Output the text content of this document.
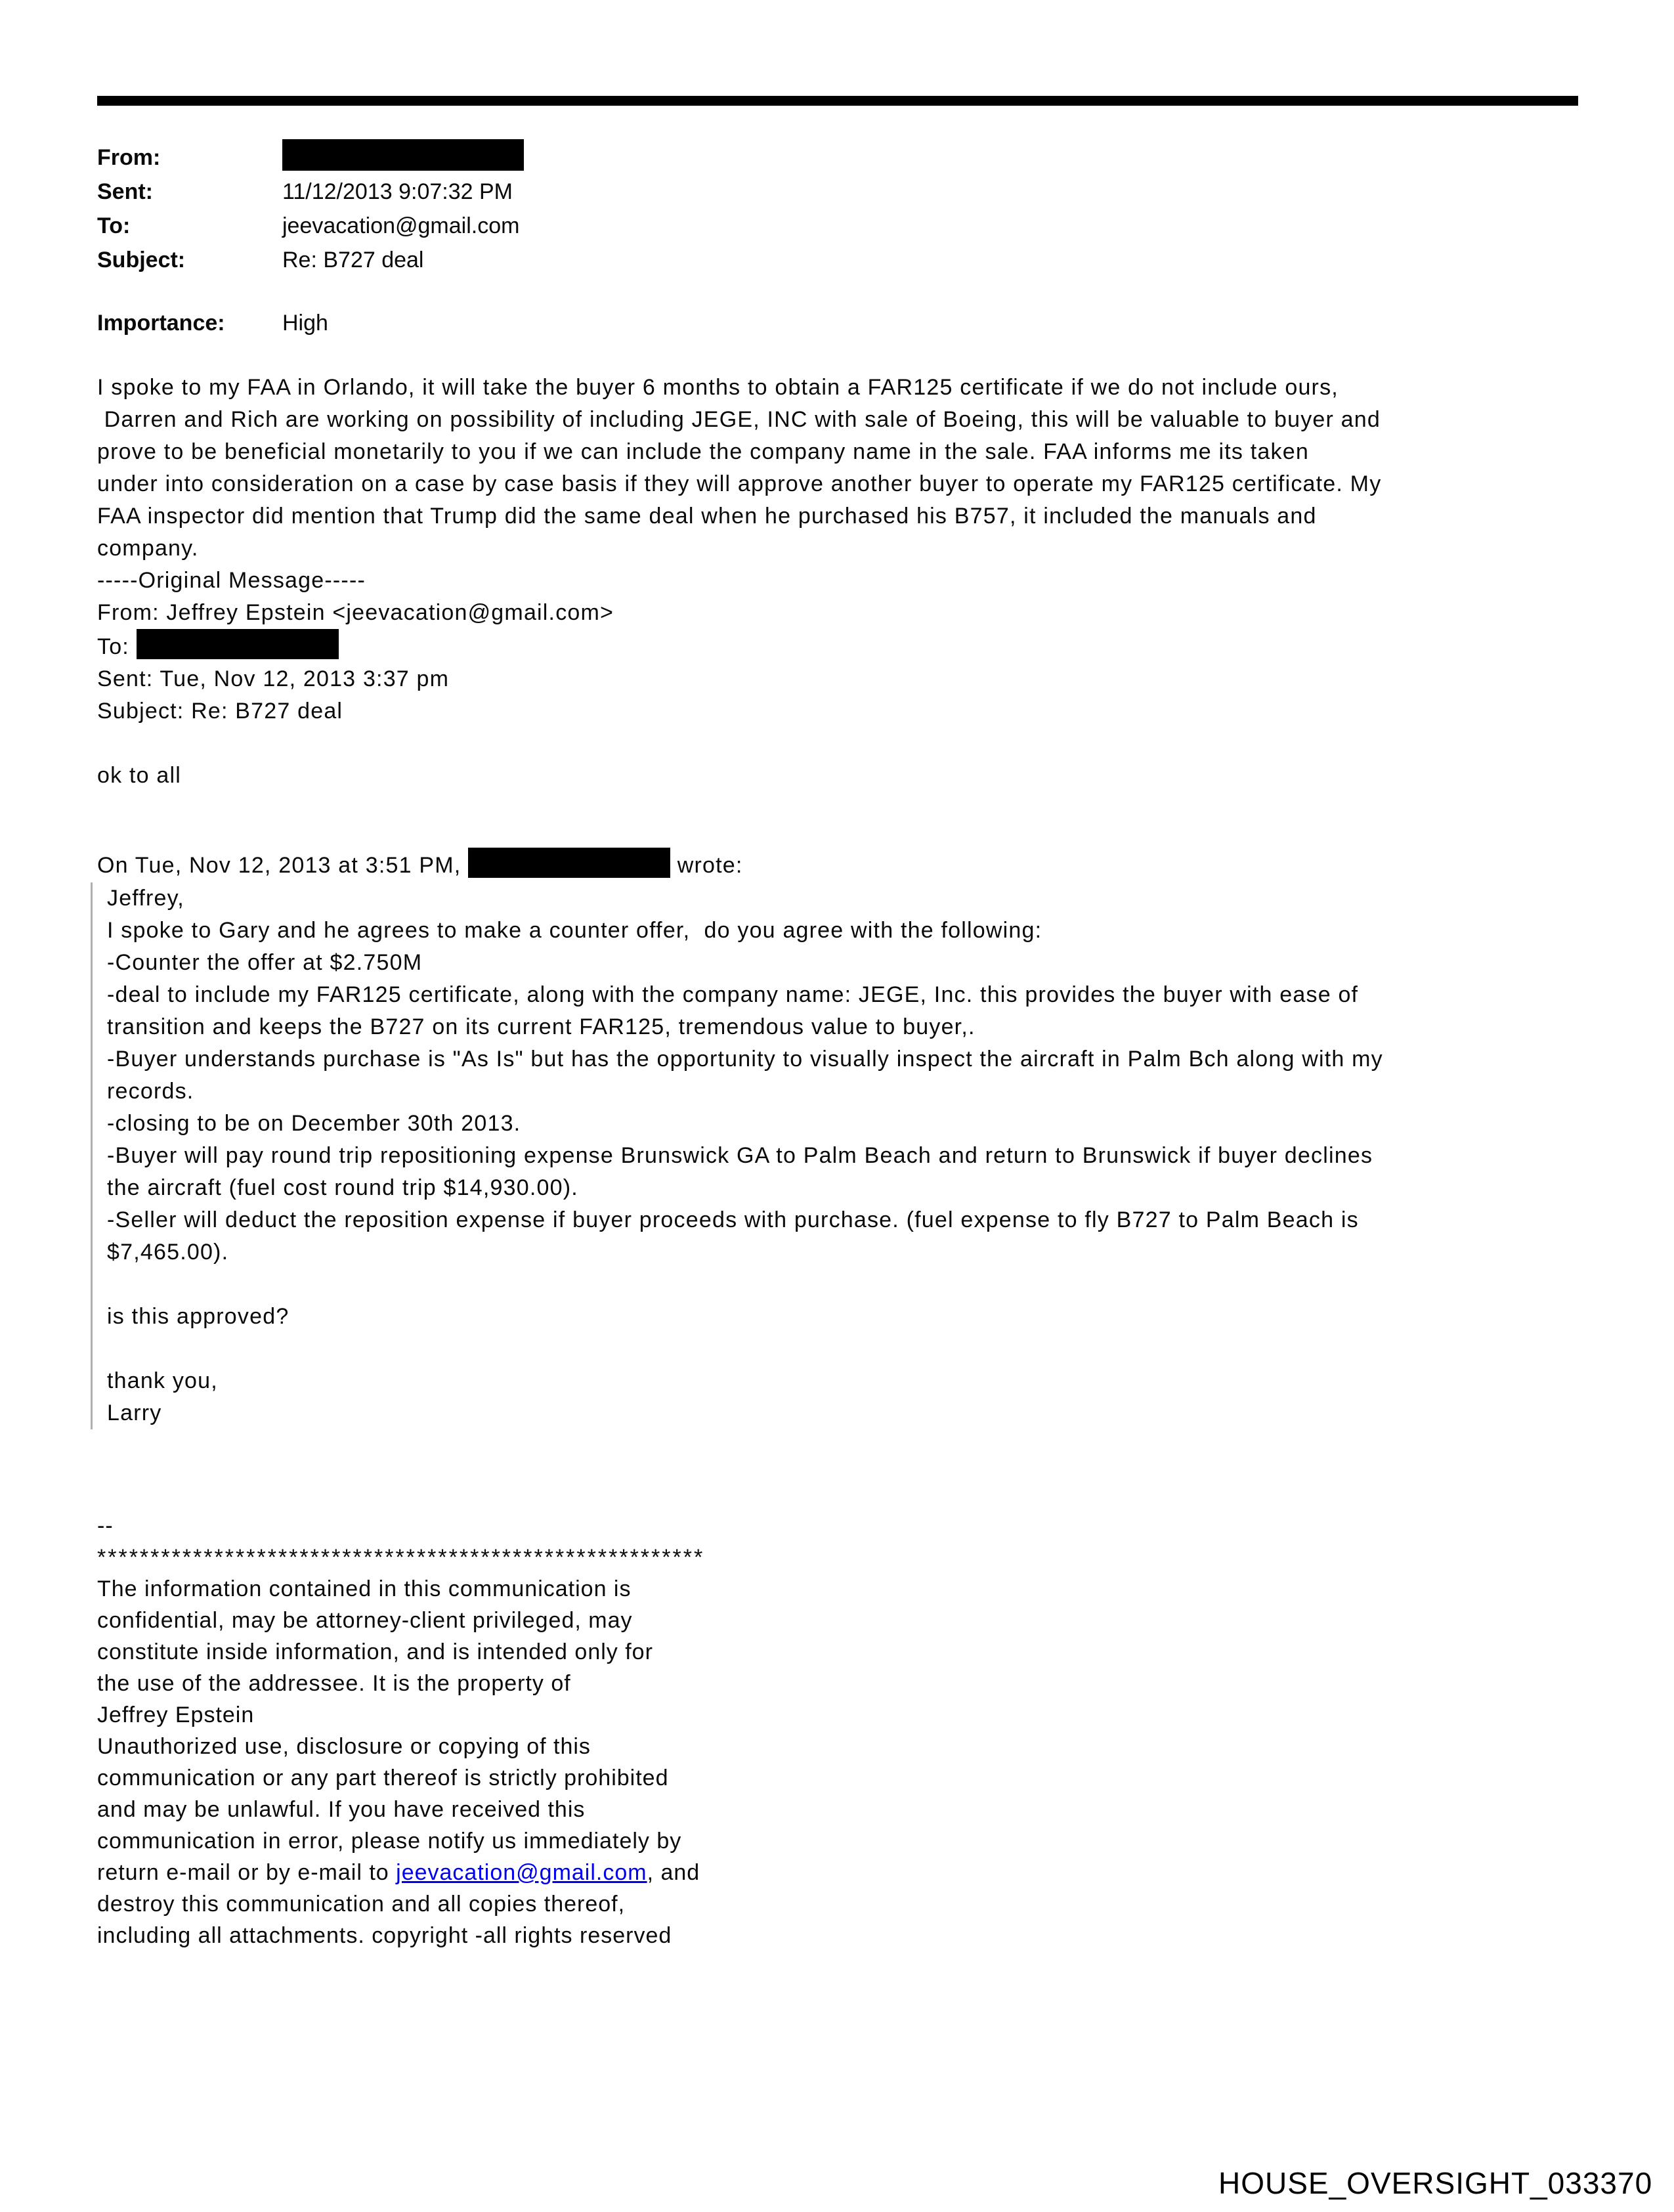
From:
Sent:	11/12/2013 9:07:32 PM
To:	jeevacation@gmail.com
Subject:	Re: B727 deal
Importance:	High
I spoke to my FAA in Orlando, it will take the buyer 6 months to obtain a FAR125 certificate if we do not include ours,
Darren and Rich are working on possibility of including JEGE, INC with sale of Boeing, this will be valuable to buyer and
prove to be beneficial monetarily to you if we can include the company name in the sale. FAA informs me its taken
under into consideration on a case by case basis if they will approve another buyer to operate my FAR125 certificate. My
FAA inspector did mention that Trump did the same deal when he purchased his B757, it included the manuals and
company.
-----Original Message-----
From: Jeffrey Epstein <jeevacation@gmail.com>
To:
Sent: Tue, Nov 12, 2013 3:37 pm
Subject: Re: B727 deal
ok to all
On Tue, Nov 12, 2013 at 3:51 PM,	wrote:
Jeffrey,
I spoke to Gary and he agrees to make a counter offer,  do you agree with the following:
-Counter the offer at $2.750M
-deal to include my FAR125 certificate, along with the company name: JEGE, Inc. this provides the buyer with ease of
transition and keeps the B727 on its current FAR125, tremendous value to buyer,.
-Buyer understands purchase is "As Is" but has the opportunity to visually inspect the aircraft in Palm Bch along with my
records.
-closing to be on December 30th 2013.
-Buyer will pay round trip repositioning expense Brunswick GA to Palm Beach and return to Brunswick if buyer declines
the aircraft (fuel cost round trip $14,930.00).
-Seller will deduct the reposition expense if buyer proceeds with purchase. (fuel expense to fly B727 to Palm Beach is
$7,465.00).

is this approved?

thank you,
Larry
--
*********************************************************
The information contained in this communication is
confidential, may be attorney-client privileged, may
constitute inside information, and is intended only for
the use of the addressee. It is the property of
Jeffrey Epstein
Unauthorized use, disclosure or copying of this
communication or any part thereof is strictly prohibited
and may be unlawful. If you have received this
communication in error, please notify us immediately by
return e-mail or by e-mail to jeevacation@gmail.com, and
destroy this communication and all copies thereof,
including all attachments. copyright -all rights reserved
HOUSE_OVERSIGHT_033370
